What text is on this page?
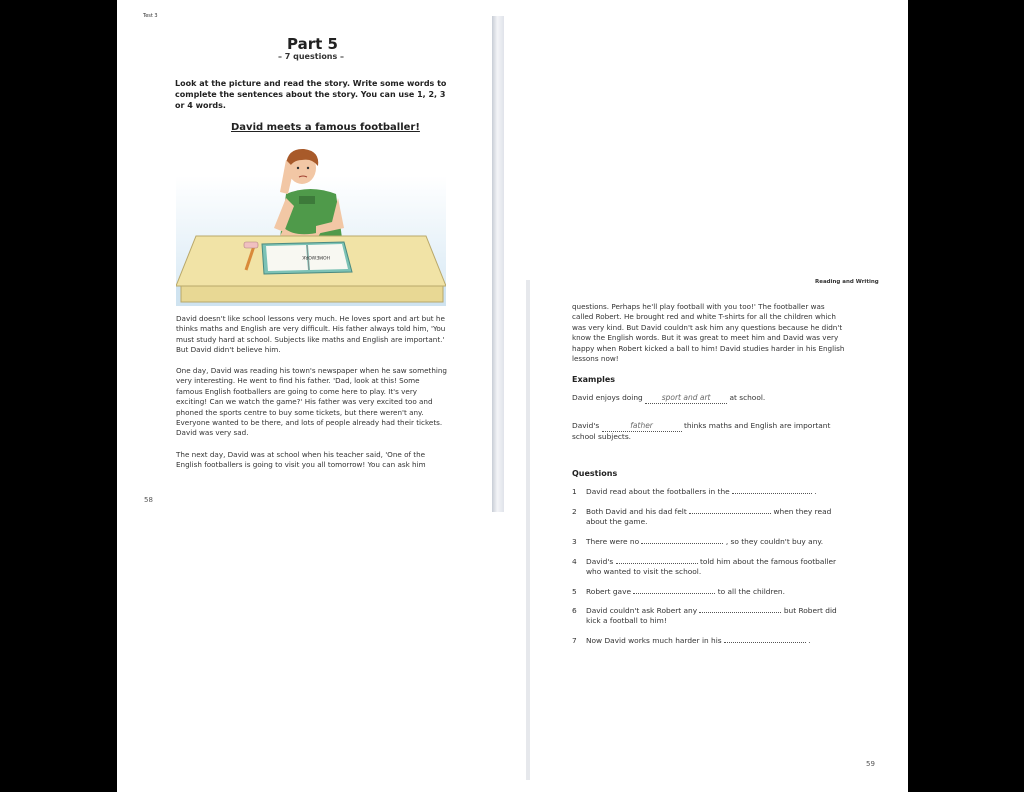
Test 3
Part 5
– 7 questions –
Look at the picture and read the story. Write some words to complete the sentences about the story. You can use 1, 2, 3 or 4 words.
David meets a famous footballer!
HOMEWORK
David doesn't like school lessons very much. He loves sport and art but he thinks maths and English are very difficult. His father always told him, 'You must study hard at school. Subjects like maths and English are important.' But David didn't believe him.
One day, David was reading his town's newspaper when he saw something very interesting. He went to find his father. 'Dad, look at this! Some famous English footballers are going to come here to play. It's very exciting! Can we watch the game?' His father was very excited too and phoned the sports centre to buy some tickets, but there weren't any. Everyone wanted to be there, and lots of people already had their tickets. David was very sad.
The next day, David was at school when his teacher said, 'One of the English footballers is going to visit you all tomorrow! You can ask him
58
Reading and Writing
questions. Perhaps he'll play football with you too!' The footballer was called Robert. He brought red and white T-shirts for all the children which was very kind. But David couldn't ask him any questions because he didn't know the English words. But it was great to meet him and David was very happy when Robert kicked a ball to him! David studies harder in his English lessons now!
Examples
David enjoys doing	sport and art	at school.
David's	father	thinks maths and English are important
school subjects.
Questions
1 David read about the footballers in the	.
2 Both David and his dad felt	when they read
about the game.
3 There were no	, so they couldn't buy any.
4 David's	told him about the famous footballer
who wanted to visit the school.
5 Robert gave	to all the children.
6 David couldn't ask Robert any	but Robert did
kick a football to him!
7 Now David works much harder in his	.
59
